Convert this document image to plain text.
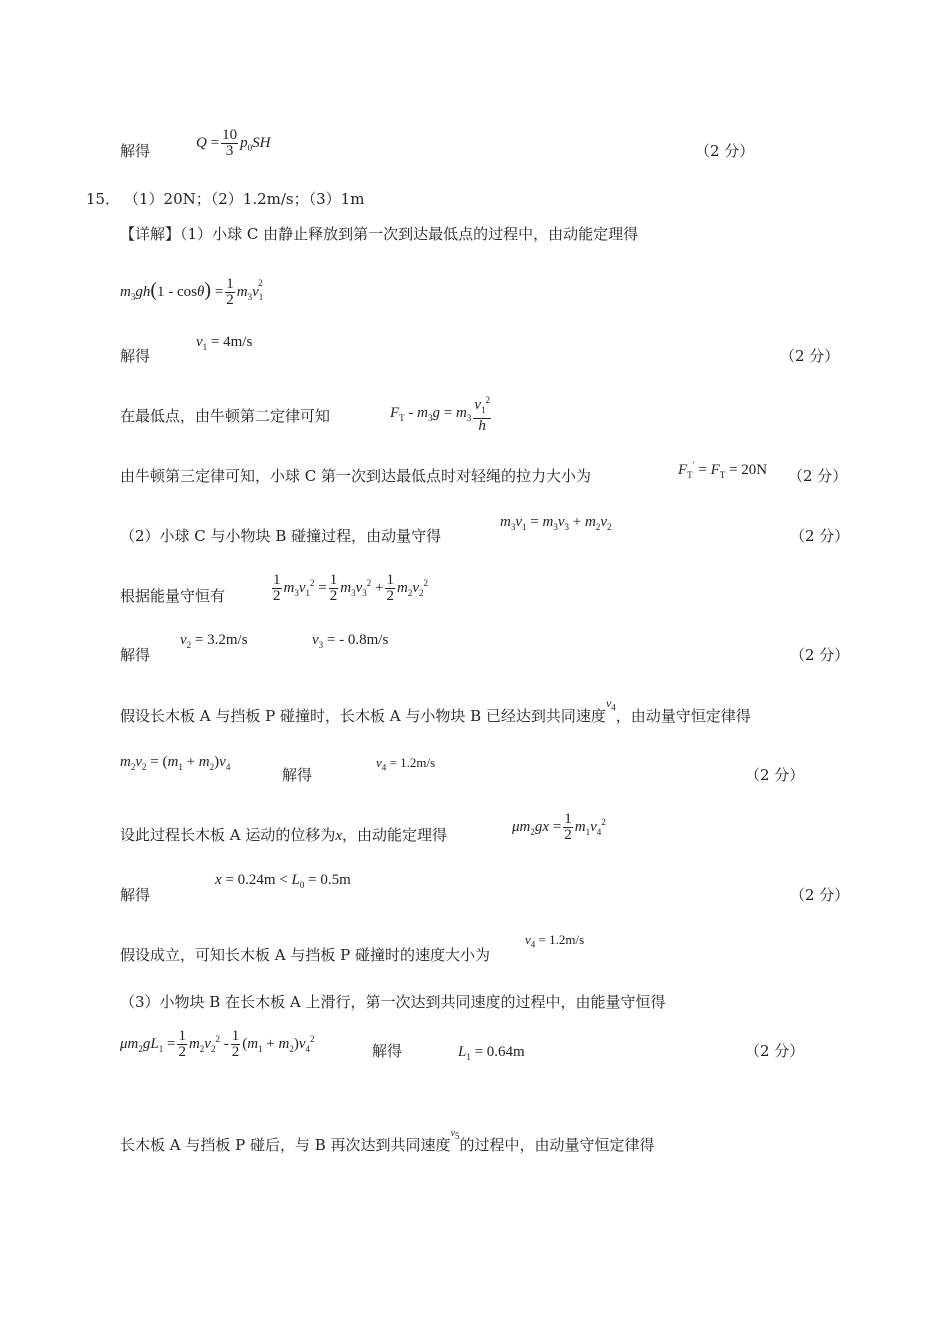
解得	$Q = \frac{10}{3} p_0SH$	（2 分）
15． （1）20N；（2）1.2m/s；（3）1m
【详解】（1）小球 C 由静止释放到第一次到达最低点的过程中，由动能定理得
$m_3gh(1 - \cos\theta) = \frac{1}{2} m_3v_1^2$
$v_1 = 4m/s$
解得	（2 分）
在最低点，由牛顿第二定律可知	$F_T - m_3g = m_3 \frac{v_1^2}{h}$
由牛顿第三定律可知，小球 C 第一次到达最低点时对轻绳的拉力大小为	$F_T' = F_T = 20N$ （2 分）
（2）小球 C 与小物块 B 碰撞过程，由动量守得
$m_3v_1 = m_3v_3 + m_2v_2$	（2 分）
根据能量守恒有	$\frac{1}{2} m_3v_1^2 = \frac{1}{2} m_3v_3^2 + \frac{1}{2} m_2v_2^2$
$v_2 = 3.2m/s$	$v_3$ = - 0.8m/s
解得	（2 分）
假设长木板 A 与挡板 P 碰撞时，长木板 A 与小物块 B 已经达到共同速度$^{v_4}$，由动量守恒定律得
$m_2v_2 = (m_1 + m_2)v_4$	解得
$v_4 = 1.2m/s$
（2 分）
设此过程长木板 A 运动的位移为x，由动能定理得	$\mu m_2gx = \frac{1}{2} m_1v_4^2$
$x = 0.24m < L_0 = 0.5m$
解得	（2 分）
假设成立，可知长木板 A 与挡板 P 碰撞时的速度大小为
$v_4 = 1.2m/s$
（3）小物块 B 在长木板 A 上滑行，第一次达到共同速度的过程中，由能量守恒得
$\mu m_2gL_1 = \frac{1}{2} m_2v_2^2 - \frac{1}{2} (m_1 + m_2)v_4^2$
解得	$L_1 = 0.64m$	（2 分）
长木板 A 与挡板 P 碰后，与 B 再次达到共同速度$^{v_5}$的过程中，由动量守恒定律得
